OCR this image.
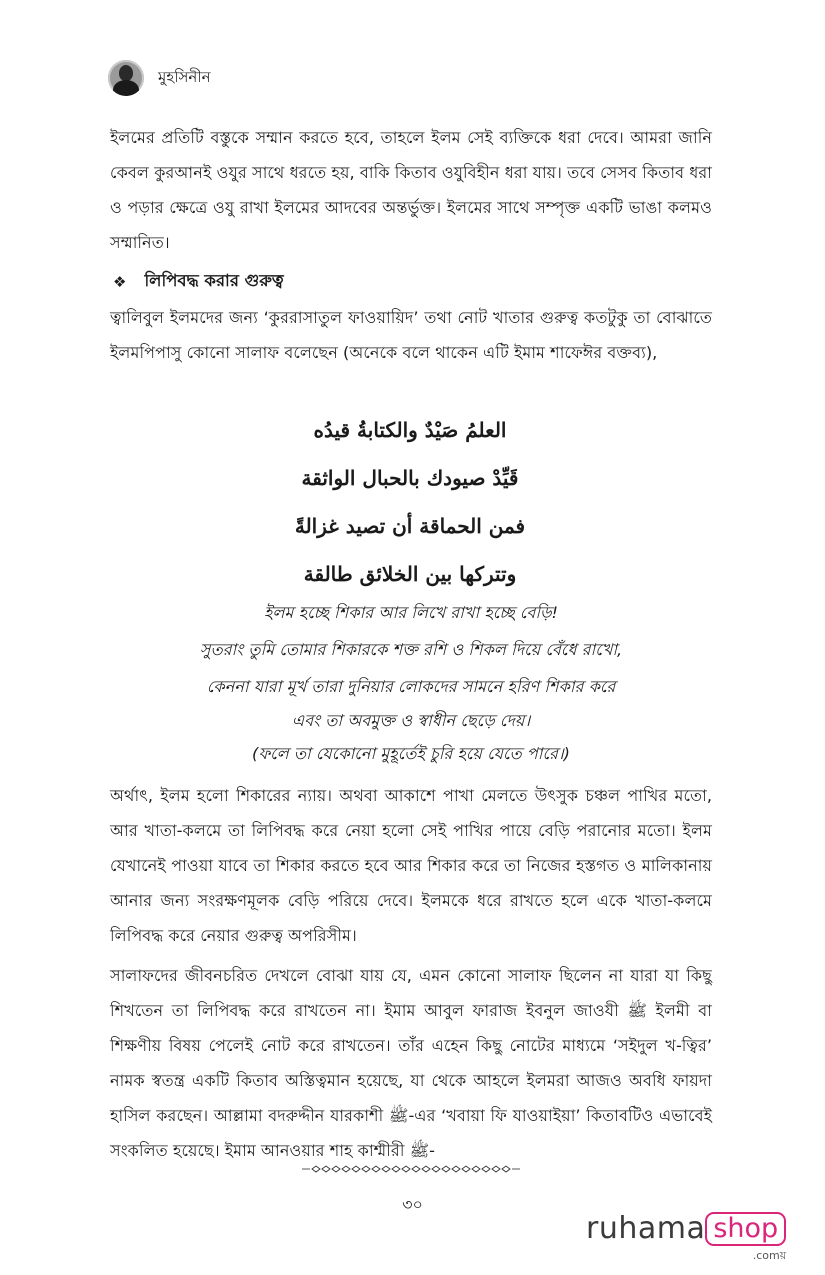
মুহসিনীন

ইলমের প্রতিটি বস্তুকে সম্মান করতে হবে, তাহলে ইলম সেই ব্যক্তিকে ধরা দেবে। আমরা জানি কেবল কুরআনই ওযুর সাথে ধরতে হয়, বাকি কিতাব ওযুবিহীন ধরা যায়। তবে সেসব কিতাব ধরা ও পড়ার ক্ষেত্রে ওযু রাখা ইলমের আদবের অন্তর্ভুক্ত। ইলমের সাথে সম্পৃক্ত একটি ভাঙা কলমও সম্মানিত।

❖ লিপিবদ্ধ করার গুরুত্ব

ত্বালিবুল ইলমদের জন্য ‘কুররাসাতুল ফাওয়ায়িদ’ তথা নোট খাতার গুরুত্ব কতটুকু তা বোঝাতে ইলমপিপাসু কোনো সালাফ বলেছেন (অনেকে বলে থাকেন এটি ইমাম শাফেঈর বক্তব্য),

العلمُ صَيْدٌ والكتابةُ قيدُه
قَيِّدْ صيودك بالحبال الواثقة
فمن الحماقة أن تصيد غزالةً
وتتركها بين الخلائق طالقة
ইলম হচ্ছে শিকার আর লিখে রাখা হচ্ছে বেড়ি!
সুতরাং তুমি তোমার শিকারকে শক্ত রশি ও শিকল দিয়ে বেঁধে রাখো,
কেননা যারা মূর্খ তারা দুনিয়ার লোকদের সামনে হরিণ শিকার করে
এবং তা অবমুক্ত ও স্বাধীন ছেড়ে দেয়।
(ফলে তা যেকোনো মুহূর্তেই চুরি হয়ে যেতে পারে।)

অর্থাৎ, ইলম হলো শিকারের ন্যায়। অথবা আকাশে পাখা মেলতে উৎসুক চঞ্চল পাখির মতো, আর খাতা-কলমে তা লিপিবদ্ধ করে নেয়া হলো সেই পাখির পায়ে বেড়ি পরানোর মতো। ইলম যেখানেই পাওয়া যাবে তা শিকার করতে হবে আর শিকার করে তা নিজের হস্তগত ও মালিকানায় আনার জন্য সংরক্ষণমূলক বেড়ি পরিয়ে দেবে। ইলমকে ধরে রাখতে হলে একে খাতা-কলমে লিপিবদ্ধ করে নেয়ার গুরুত্ব অপরিসীম।

সালাফদের জীবনচরিত দেখলে বোঝা যায় যে, এমন কোনো সালাফ ছিলেন না যারা যা কিছু শিখতেন তা লিপিবদ্ধ করে রাখতেন না। ইমাম আবুল ফারাজ ইবনুল জাওযী ﷺ ইলমী বা শিক্ষণীয় বিষয় পেলেই নোট করে রাখতেন। তাঁর এহেন কিছু নোটের মাধ্যমে ‘সইদুল খ-ত্বির’ নামক স্বতন্ত্র একটি কিতাব অস্তিত্বমান হয়েছে, যা থেকে আহলে ইলমরা আজও অবধি ফায়দা হাসিল করছেন। আল্লামা বদরুদ্দীন যারকাশী ﷺ-এর ‘খবায়া ফি যাওয়াইয়া’ কিতাবটিও এভাবেই সংকলিত হয়েছে। ইমাম আনওয়ার শাহ কাশ্মীরী ﷺ-

৩০
ruhama shop
.comয়
